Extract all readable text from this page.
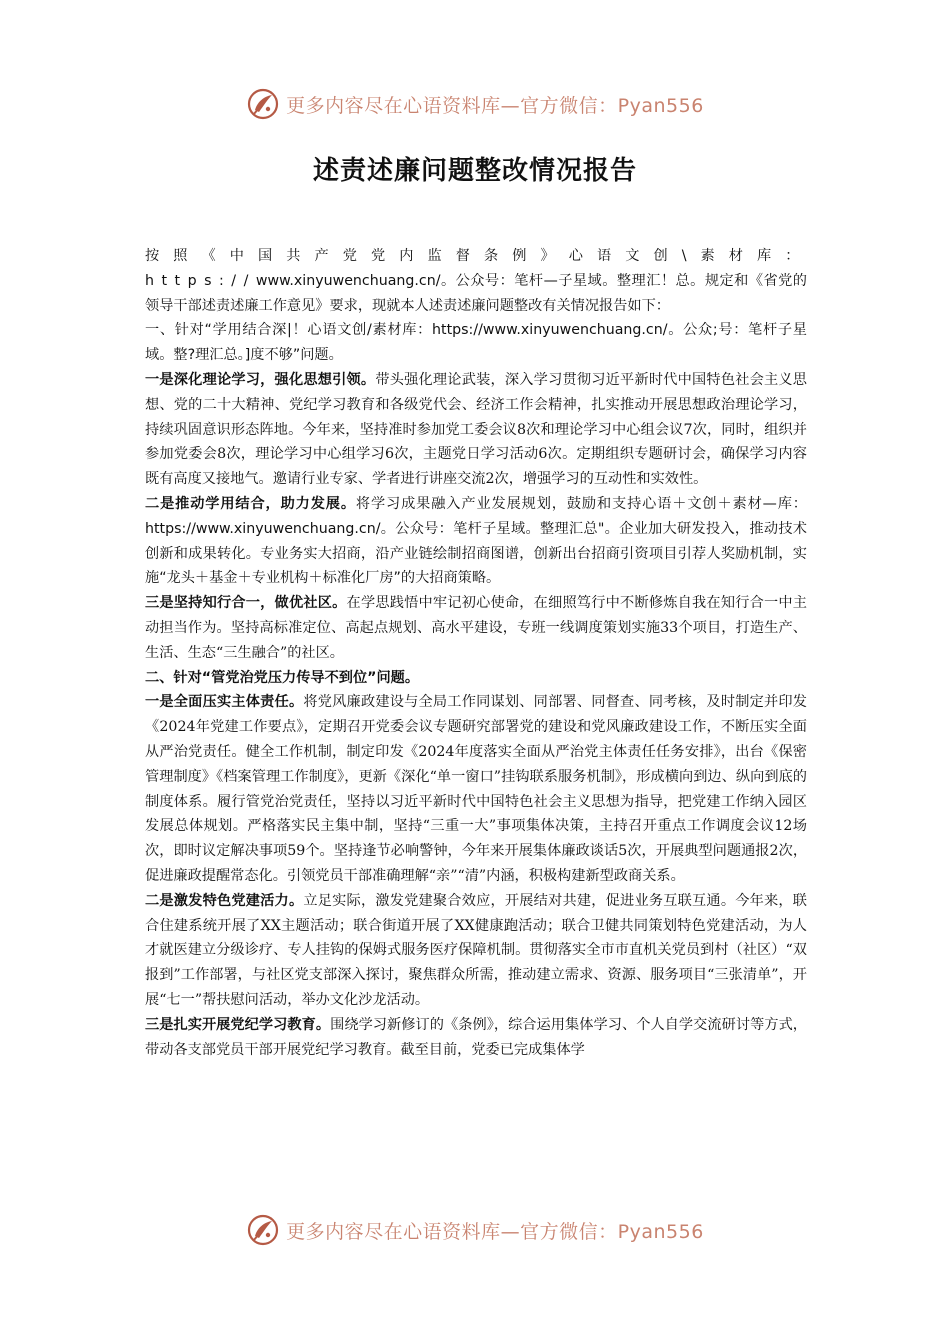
更多内容尽在心语资料库—官方微信：Pyan556
述责述廉问题整改情况报告

按照《中国共产党党内监督条例》心语文创\素材库：https://www.xinyuwenchuang.cn/。公众号：笔杆—子星域。整理汇！总。规定和《省党的领导干部述责述廉工作意见》要求，现就本人述责述廉问题整改有关情况报告如下：

一、针对“学用结合深|！心语文创/素材库：https://www.xinyuwenchuang.cn/。公众;号：笔杆子星域。整?理汇总。]度不够”问题。

一是深化理论学习，强化思想引领。带头强化理论武装，深入学习贯彻习近平新时代中国特色社会主义思想、党的二十大精神、党纪学习教育和各级党代会、经济工作会精神，扎实推动开展思想政治理论学习，持续巩固意识形态阵地。今年来，坚持准时参加党工委会议8次和理论学习中心组会议7次，同时，组织并参加党委会8次，理论学习中心组学习6次，主题党日学习活动6次。定期组织专题研讨会，确保学习内容既有高度又接地气。邀请行业专家、学者进行讲座交流2次，增强学习的互动性和实效性。

二是推动学用结合，助力发展。将学习成果融入产业发展规划，鼓励和支持心语＋文创＋素材—库：https://www.xinyuwenchuang.cn/。公众号：笔杆子星域。整理汇总"。企业加大研发投入，推动技术创新和成果转化。专业务实大招商，沿产业链绘制招商图谱，创新出台招商引资项目引荐人奖励机制，实施“龙头＋基金＋专业机构＋标准化厂房”的大招商策略。

三是坚持知行合一，做优社区。在学思践悟中牢记初心使命，在细照笃行中不断修炼自我在知行合一中主动担当作为。坚持高标准定位、高起点规划、高水平建设，专班一线调度策划实施33个项目，打造生产、生活、生态“三生融合”的社区。

二、针对“管党治党压力传导不到位”问题。

一是全面压实主体责任。将党风廉政建设与全局工作同谋划、同部署、同督查、同考核，及时制定并印发《2024年党建工作要点》，定期召开党委会议专题研究部署党的建设和党风廉政建设工作，不断压实全面从严治党责任。健全工作机制，制定印发《2024年度落实全面从严治党主体责任任务安排》，出台《保密管理制度》《档案管理工作制度》，更新《深化“单一窗口”挂钩联系服务机制》，形成横向到边、纵向到底的制度体系。履行管党治党责任，坚持以习近平新时代中国特色社会主义思想为指导，把党建工作纳入园区发展总体规划。严格落实民主集中制，坚持“三重一大”事项集体决策，主持召开重点工作调度会议12场次，即时议定解决事项59个。坚持逢节必响警钟，今年来开展集体廉政谈话5次，开展典型问题通报2次，促进廉政提醒常态化。引领党员干部准确理解“亲”“清”内涵，积极构建新型政商关系。

二是激发特色党建活力。立足实际，激发党建聚合效应，开展结对共建，促进业务互联互通。今年来，联合住建系统开展了XX主题活动；联合街道开展了XX健康跑活动；联合卫健共同策划特色党建活动，为人才就医建立分级诊疗、专人挂钩的保姆式服务医疗保障机制。贯彻落实全市市直机关党员到村（社区）“双报到”工作部署，与社区党支部深入探讨，聚焦群众所需，推动建立需求、资源、服务项目“三张清单”，开展“七一”帮扶慰问活动，举办文化沙龙活动。

三是扎实开展党纪学习教育。围绕学习新修订的《条例》，综合运用集体学习、个人自学交流研讨等方式，带动各支部党员干部开展党纪学习教育。截至目前，党委已完成集体学

更多内容尽在心语资料库—官方微信：Pyan556
